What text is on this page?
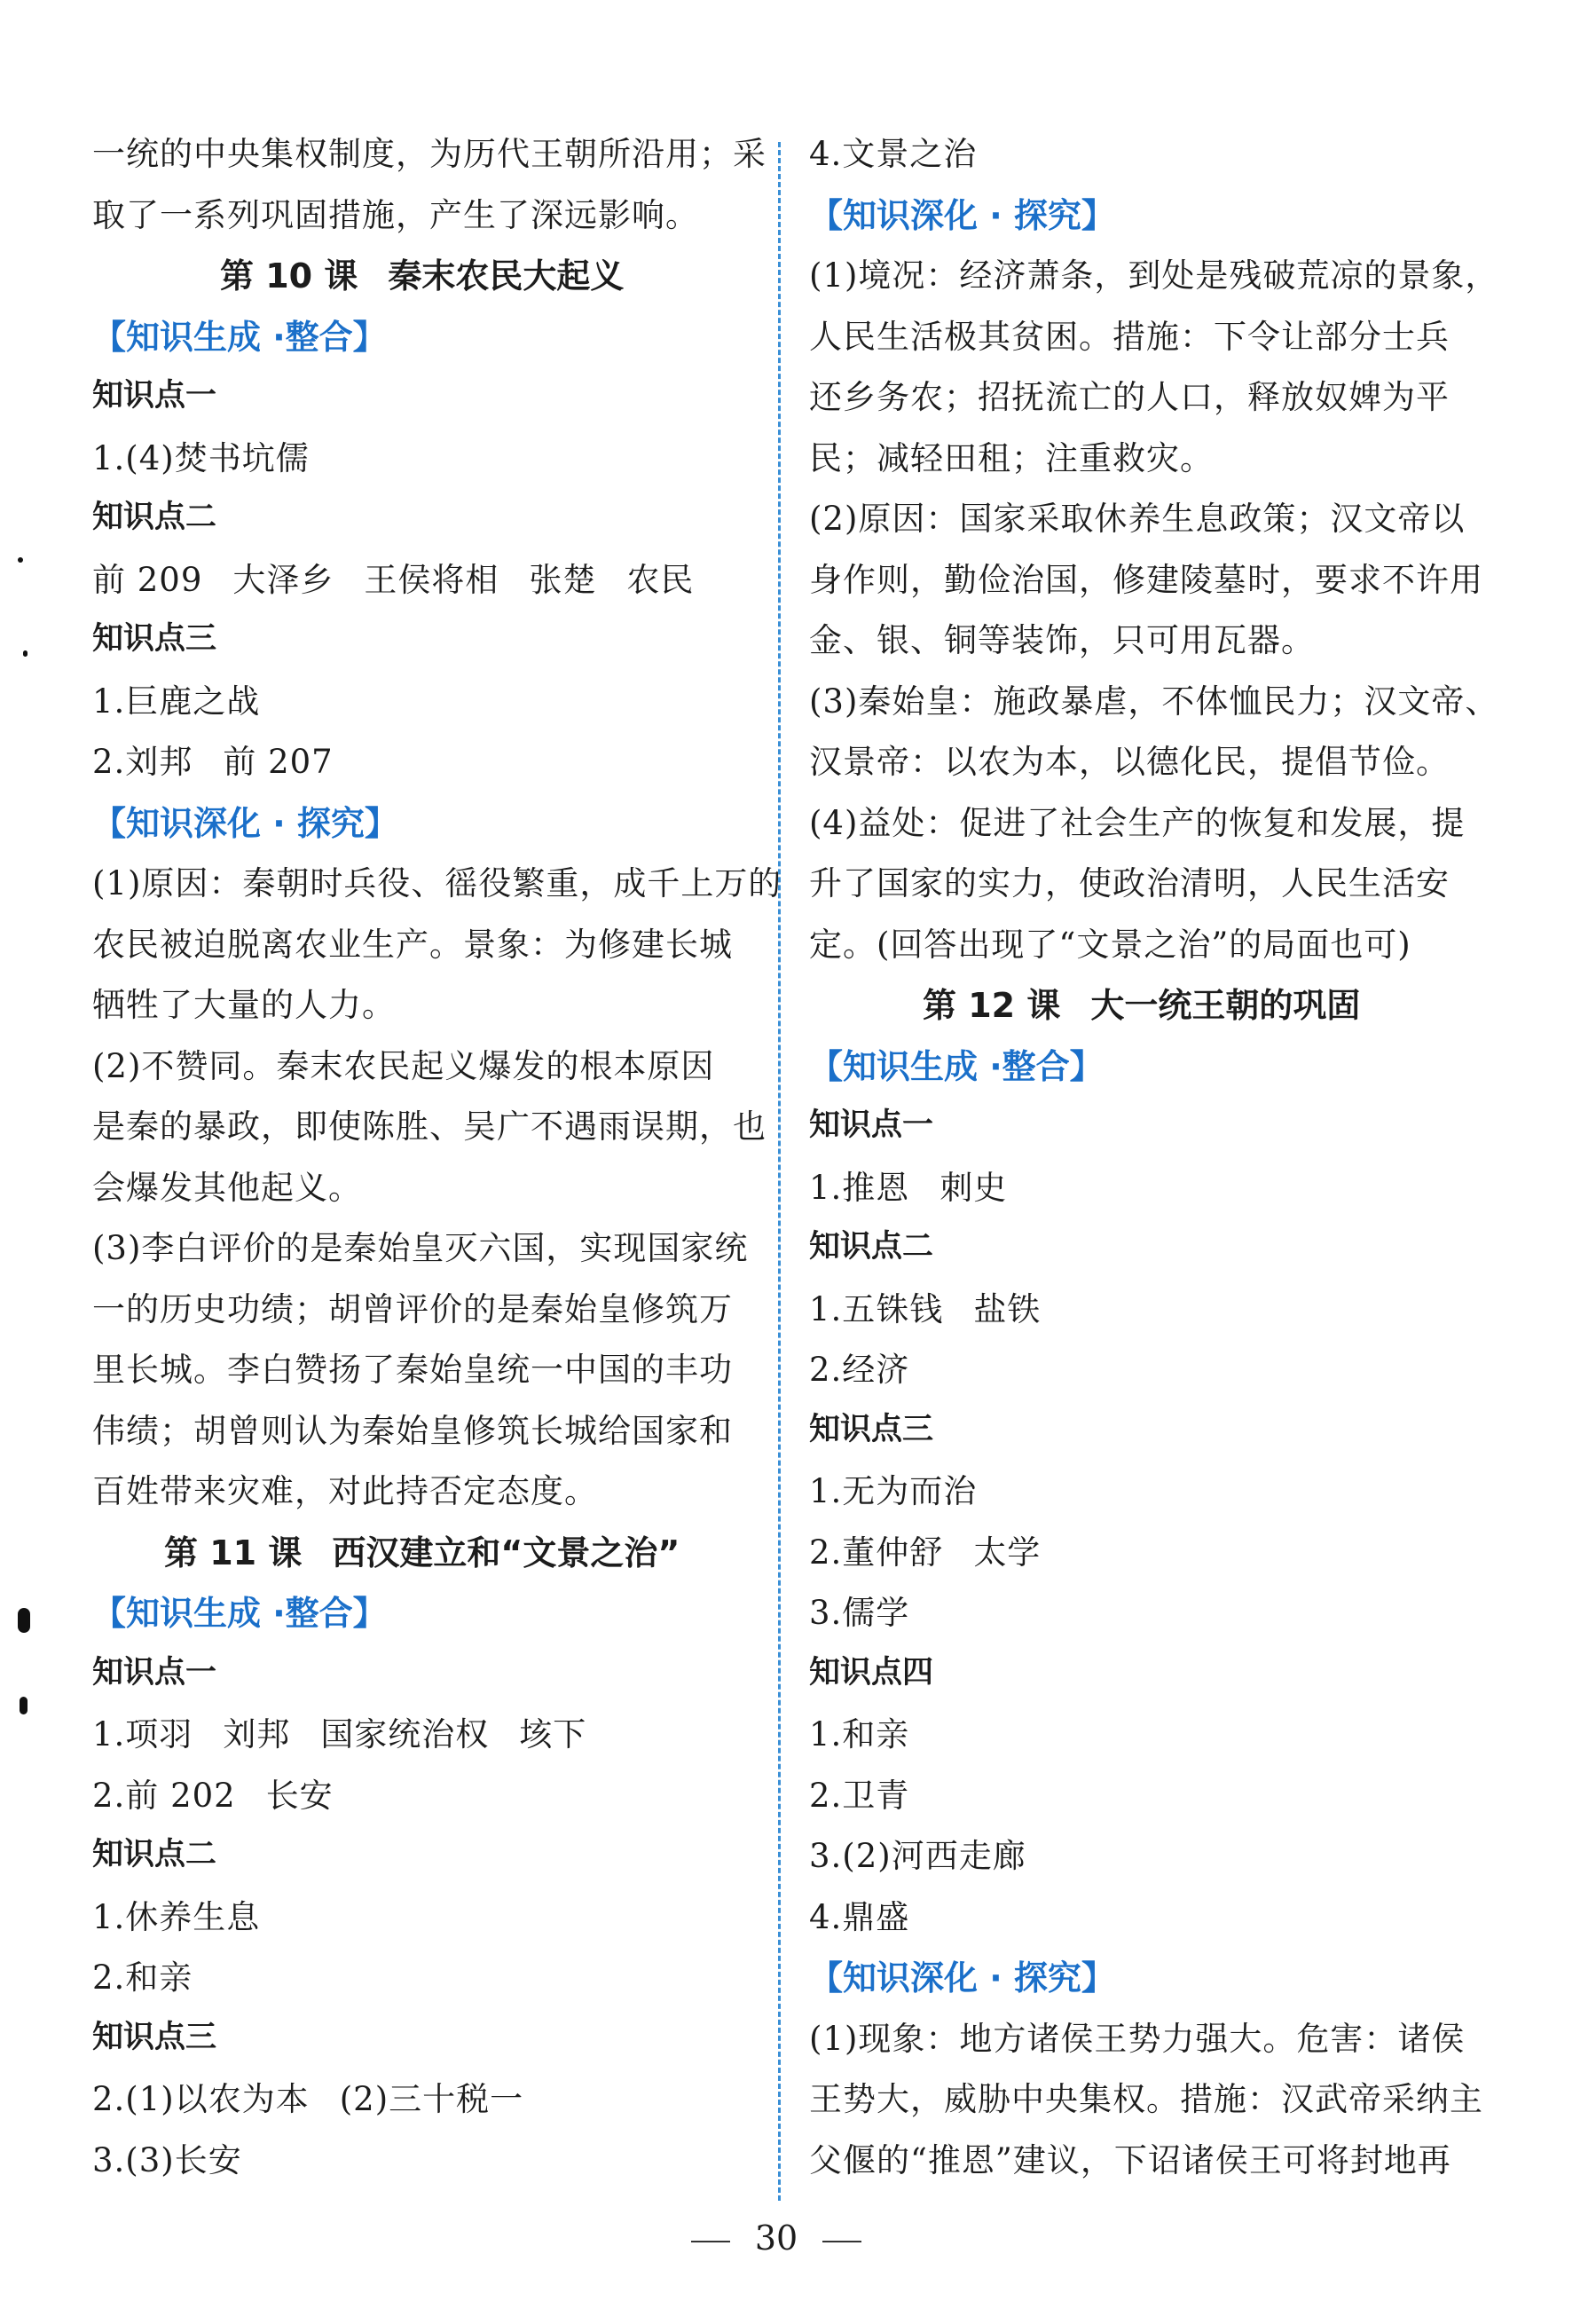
一统的中央集权制度，为历代王朝所沿用；采
取了一系列巩固措施，产生了深远影响。
第 10 课 秦末农民大起义
【知识生成 ·整合】
知识点一
1.(4)焚书坑儒
知识点二
前 209 大泽乡 王侯将相 张楚 农民
知识点三
1.巨鹿之战
2.刘邦 前 207
【知识深化 · 探究】
(1)原因：秦朝时兵役、徭役繁重，成千上万的
农民被迫脱离农业生产。景象：为修建长城
牺牲了大量的人力。
(2)不赞同。秦末农民起义爆发的根本原因
是秦的暴政，即使陈胜、吴广不遇雨误期，也
会爆发其他起义。
(3)李白评价的是秦始皇灭六国，实现国家统
一的历史功绩；胡曾评价的是秦始皇修筑万
里长城。李白赞扬了秦始皇统一中国的丰功
伟绩；胡曾则认为秦始皇修筑长城给国家和
百姓带来灾难，对此持否定态度。
第 11 课 西汉建立和“文景之治”
【知识生成 ·整合】
知识点一
1.项羽 刘邦 国家统治权 垓下
2.前 202 长安
知识点二
1.休养生息
2.和亲
知识点三
2.(1)以农为本 (2)三十税一
3.(3)长安
4.文景之治
【知识深化 · 探究】
(1)境况：经济萧条，到处是残破荒凉的景象，
人民生活极其贫困。措施：下令让部分士兵
还乡务农；招抚流亡的人口，释放奴婢为平
民；减轻田租；注重救灾。
(2)原因：国家采取休养生息政策；汉文帝以
身作则，勤俭治国，修建陵墓时，要求不许用
金、银、铜等装饰，只可用瓦器。
(3)秦始皇：施政暴虐，不体恤民力；汉文帝、
汉景帝：以农为本，以德化民，提倡节俭。
(4)益处：促进了社会生产的恢复和发展，提
升了国家的实力，使政治清明，人民生活安
定。(回答出现了“文景之治”的局面也可)
第 12 课 大一统王朝的巩固
【知识生成 ·整合】
知识点一
1.推恩 刺史
知识点二
1.五铢钱 盐铁
2.经济
知识点三
1.无为而治
2.董仲舒 太学
3.儒学
知识点四
1.和亲
2.卫青
3.(2)河西走廊
4.鼎盛
【知识深化 · 探究】
(1)现象：地方诸侯王势力强大。危害：诸侯
王势大，威胁中央集权。措施：汉武帝采纳主
父偃的“推恩”建议，下诏诸侯王可将封地再
30
